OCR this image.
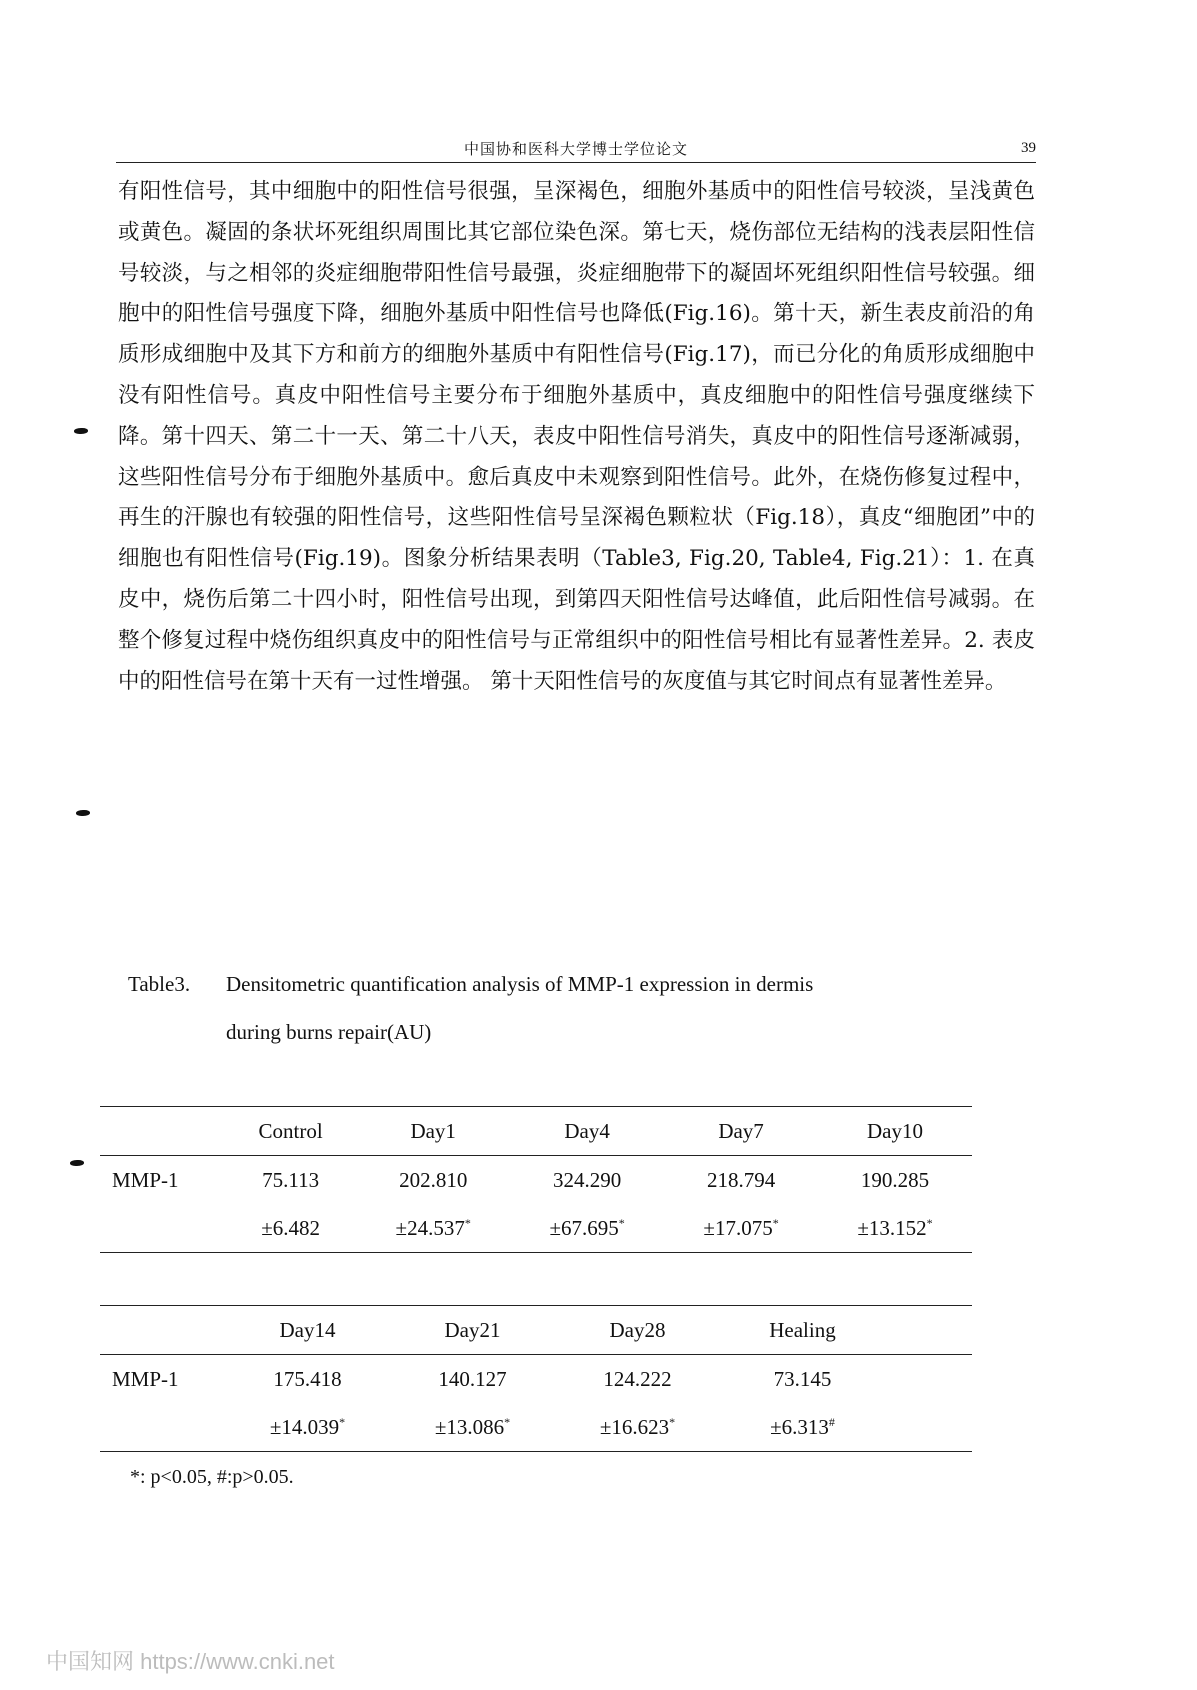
中国协和医科大学博士学位论文	39

有阳性信号，其中细胞中的阳性信号很强，呈深褐色，细胞外基质中的阳性信号较淡，呈浅黄色或黄色。凝固的条状坏死组织周围比其它部位染色深。第七天，烧伤部位无结构的浅表层阳性信号较淡，与之相邻的炎症细胞带阳性信号最强，炎症细胞带下的凝固坏死组织阳性信号较强。细胞中的阳性信号强度下降，细胞外基质中阳性信号也降低(Fig.16)。第十天，新生表皮前沿的角质形成细胞中及其下方和前方的细胞外基质中有阳性信号(Fig.17)，而已分化的角质形成细胞中没有阳性信号。真皮中阳性信号主要分布于细胞外基质中，真皮细胞中的阳性信号强度继续下降。第十四天、第二十一天、第二十八天，表皮中阳性信号消失，真皮中的阳性信号逐渐减弱，这些阳性信号分布于细胞外基质中。愈后真皮中未观察到阳性信号。此外，在烧伤修复过程中，再生的汗腺也有较强的阳性信号，这些阳性信号呈深褐色颗粒状（Fig.18），真皮“细胞团”中的细胞也有阳性信号(Fig.19)。图象分析结果表明（Table3, Fig.20, Table4, Fig.21）：1. 在真皮中，烧伤后第二十四小时，阳性信号出现，到第四天阳性信号达峰值，此后阳性信号减弱。在整个修复过程中烧伤组织真皮中的阳性信号与正常组织中的阳性信号相比有显著性差异。2. 表皮中的阳性信号在第十天有一过性增强。 第十天阳性信号的灰度值与其它时间点有显著性差异。

Table3. Densitometric quantification analysis of MMP-1 expression in dermis
during burns repair(AU)
	Control	Day1	Day4	Day7	Day10
MMP-1	75.113	202.810	324.290	218.794	190.285
	±6.482	±24.537*	±67.695*	±17.075*	±13.152*
	Day14	Day21	Day28	Healing	
MMP-1	175.418	140.127	124.222	73.145	
	±14.039*	±13.086*	±16.623*	±6.313#	
*: p<0.05, #:p>0.05.
中国知网 https://www.cnki.net
